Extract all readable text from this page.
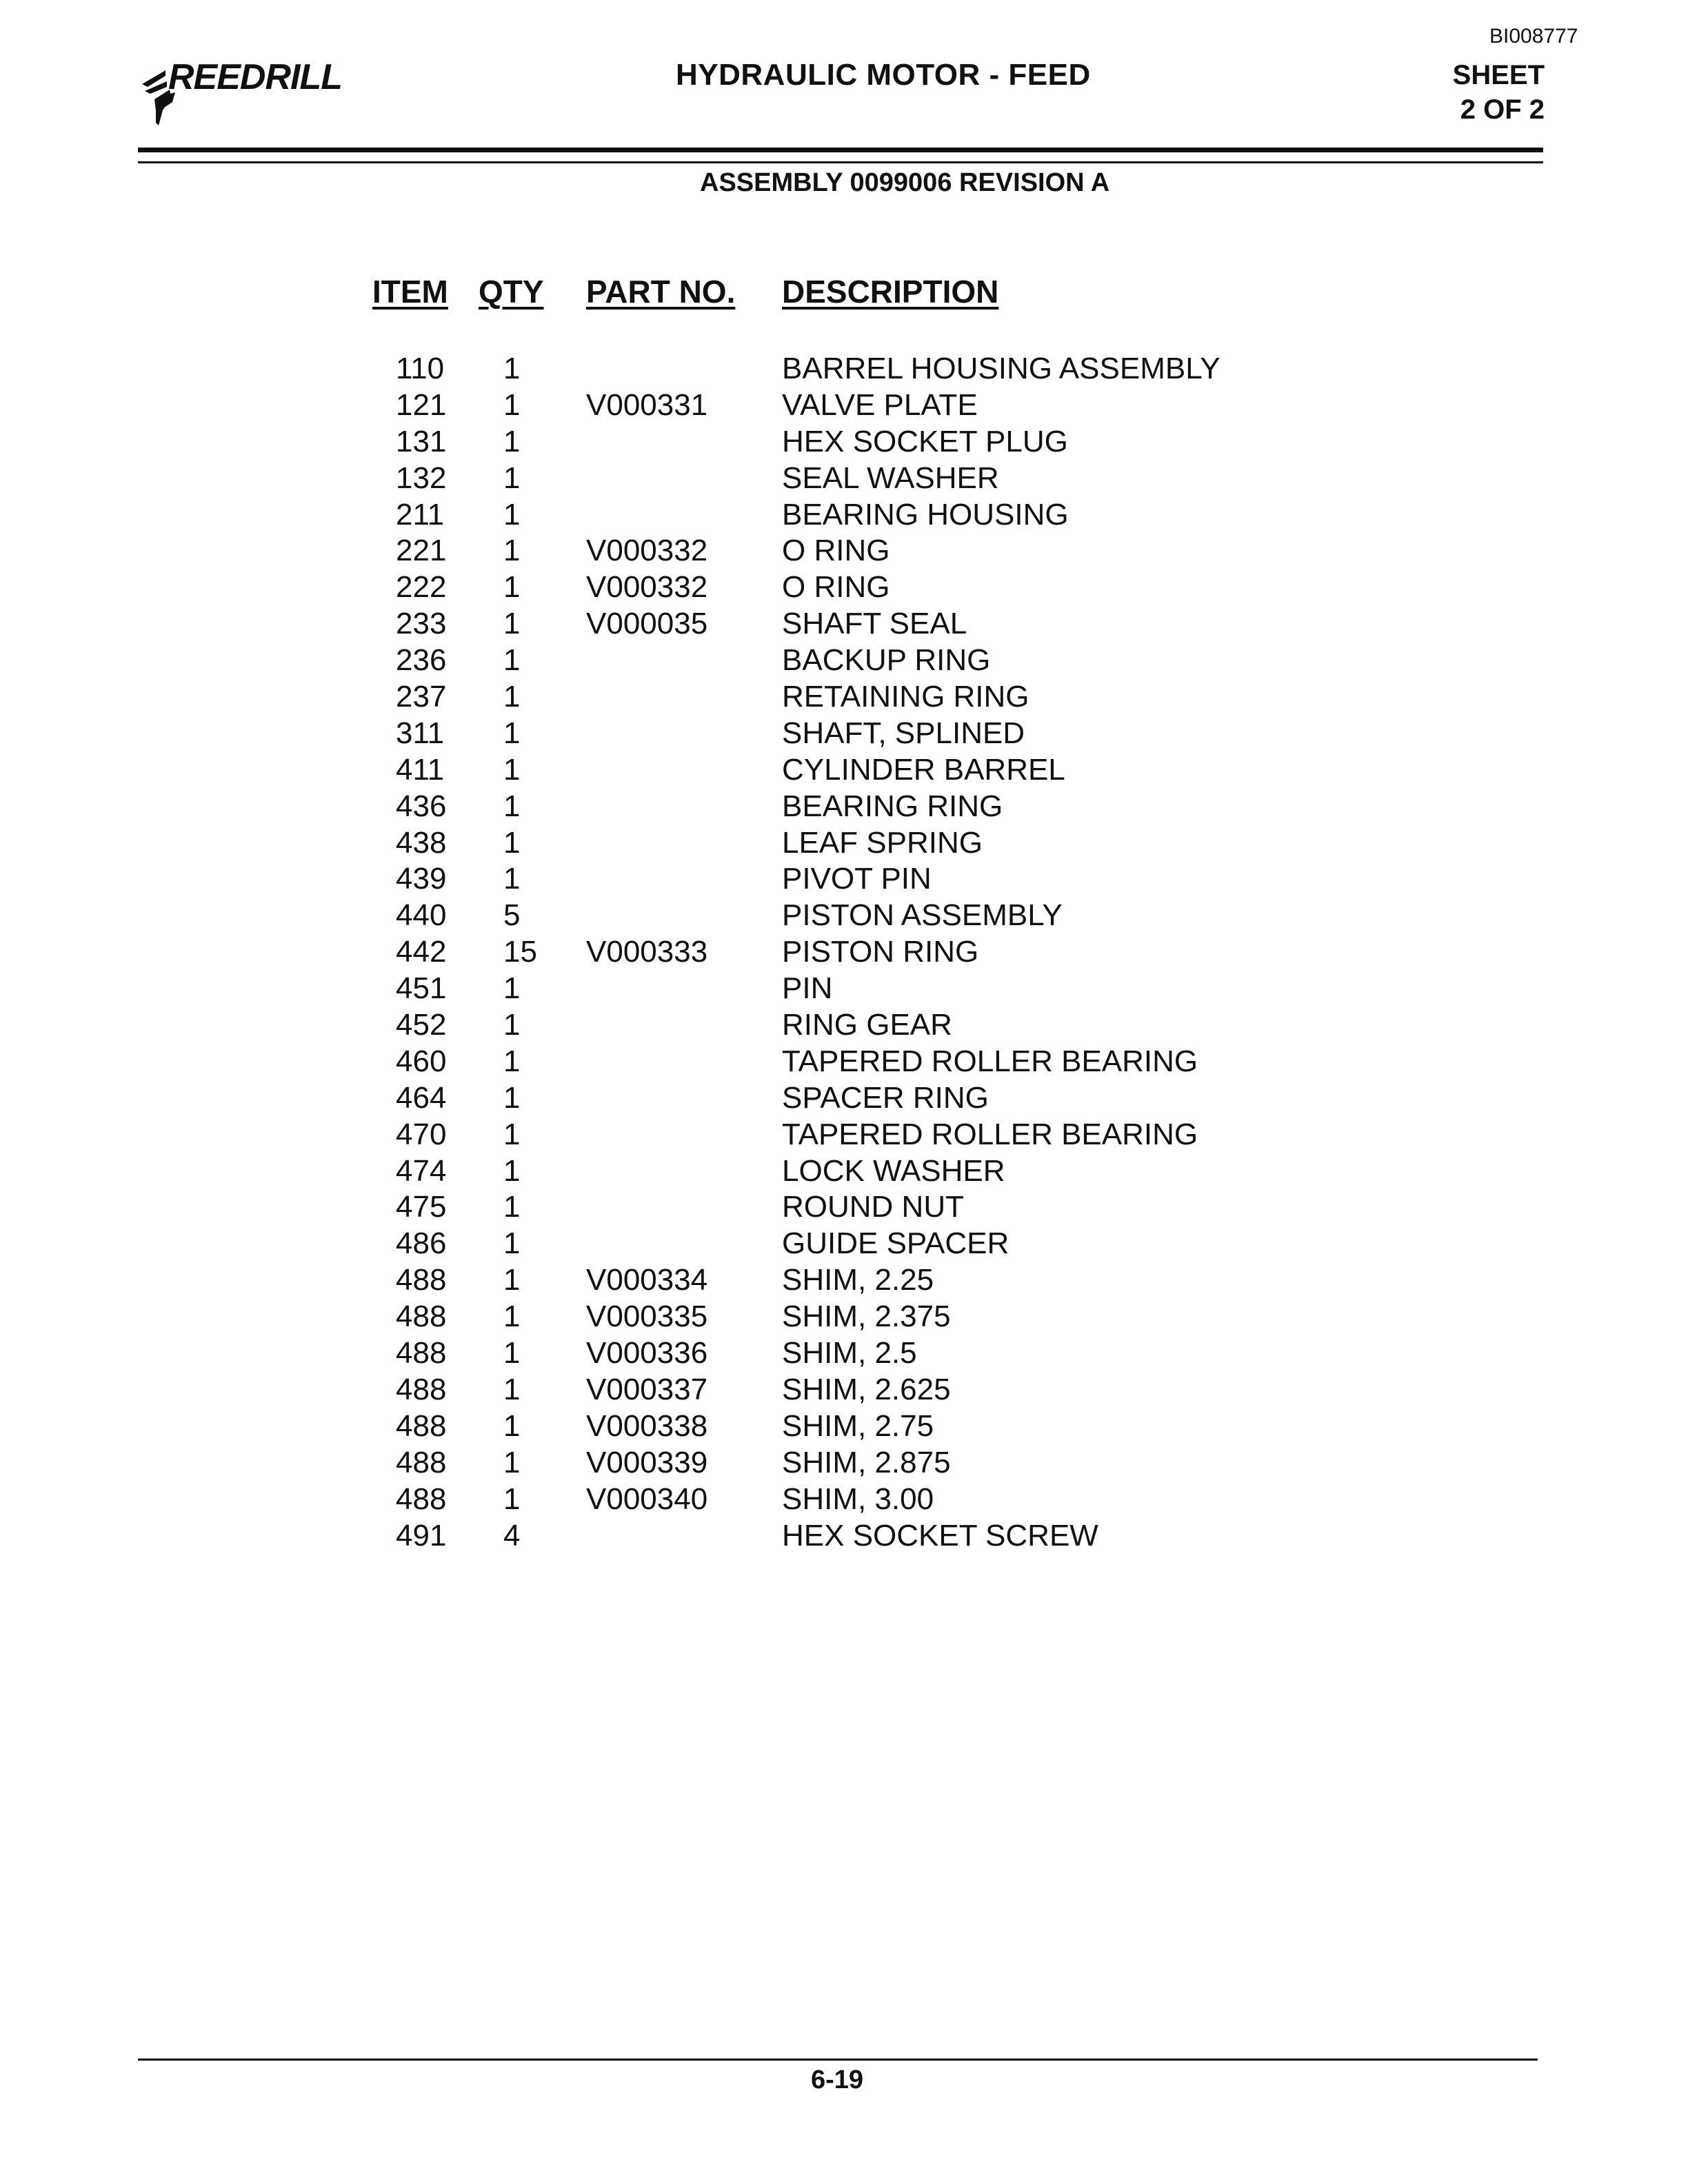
BI008777
REEDRILL	HYDRAULIC MOTOR - FEED	SHEET
2 OF 2
ASSEMBLY 0099006 REVISION A
ITEM QTY PART NO. DESCRIPTION
110 1	BARREL HOUSING ASSEMBLY
121 1 V000331 VALVE PLATE
131 1	HEX SOCKET PLUG
132 1	SEAL WASHER
211 1	BEARING HOUSING
221 1 V000332 O RING
222 1 V000332 O RING
233 1 V000035 SHAFT SEAL
236 1	BACKUP RING
237 1	RETAINING RING
311 1	SHAFT, SPLINED
411 1	CYLINDER BARREL
436 1	BEARING RING
438 1	LEAF SPRING
439 1	PIVOT PIN
440 5	PISTON ASSEMBLY
442 15 V000333 PISTON RING
451 1	PIN
452 1	RING GEAR
460 1	TAPERED ROLLER BEARING
464 1	SPACER RING
470 1	TAPERED ROLLER BEARING
474 1	LOCK WASHER
475 1	ROUND NUT
486 1	GUIDE SPACER
488 1 V000334 SHIM, 2.25
488 1 V000335 SHIM, 2.375
488 1 V000336 SHIM, 2.5
488 1 V000337 SHIM, 2.625
488 1 V000338 SHIM, 2.75
488 1 V000339 SHIM, 2.875
488 1 V000340 SHIM, 3.00
491 4	HEX SOCKET SCREW
6-19
